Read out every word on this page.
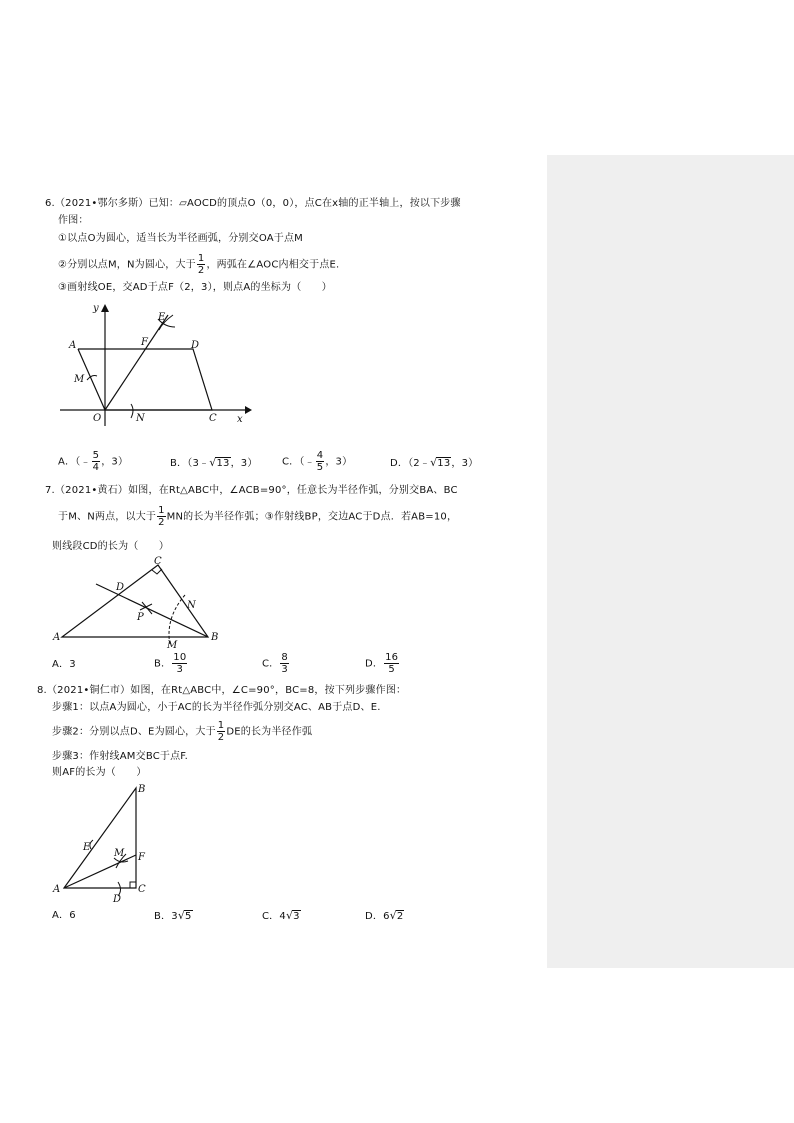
6.（2021•鄂尔多斯）已知：▱AOCD的顶点O（0，0），点C在x轴的正半轴上，按以下步骤
作图：
①以点O为圆心，适当长为半径画弧，分别交OA于点M
②分别以点M，N为圆心，大于 $\frac{1}{2}$ ，两弧在∠AOC内相交于点E.
③画射线OE，交AD于点F（2，3），则点A的坐标为（　　）
y
x
E
F
A	D
M
O	N	C
A．（﹣ $\frac{5}{4}$ ，3）	B．（3﹣√13，3） C．（﹣ $\frac{4}{5}$ ，3）	D．（2﹣√13，3）
7.（2021•黄石）如图，在Rt△ABC中，∠ACB=90°，任意长为半径作弧，分别交BA、BC
于M、N两点，以大于 $\frac{1}{2}$ MN的长为半径作弧；③作射线BP，交边AC于D点．若AB=10，
则线段CD的长为（　　）
C
D
N
P
A	B
M
A．3	B． $\frac{10}{3}$	C． $\frac{8}{3}$	D． $\frac{16}{5}$
8.（2021•铜仁市）如图，在Rt△ABC中，∠C=90°，BC=8，按下列步骤作图：
步骤1：以点A为圆心，小于AC的长为半径作弧分别交AC、AB于点D、E.
步骤2：分别以点D、E为圆心，大于 $\frac{1}{2}$ DE的长为半径作弧
步骤3：作射线AM交BC于点F.
则AF的长为（　　）
B
E
M F
A
D
C
A．6	B．3√5	C．4√3	D．6√2
